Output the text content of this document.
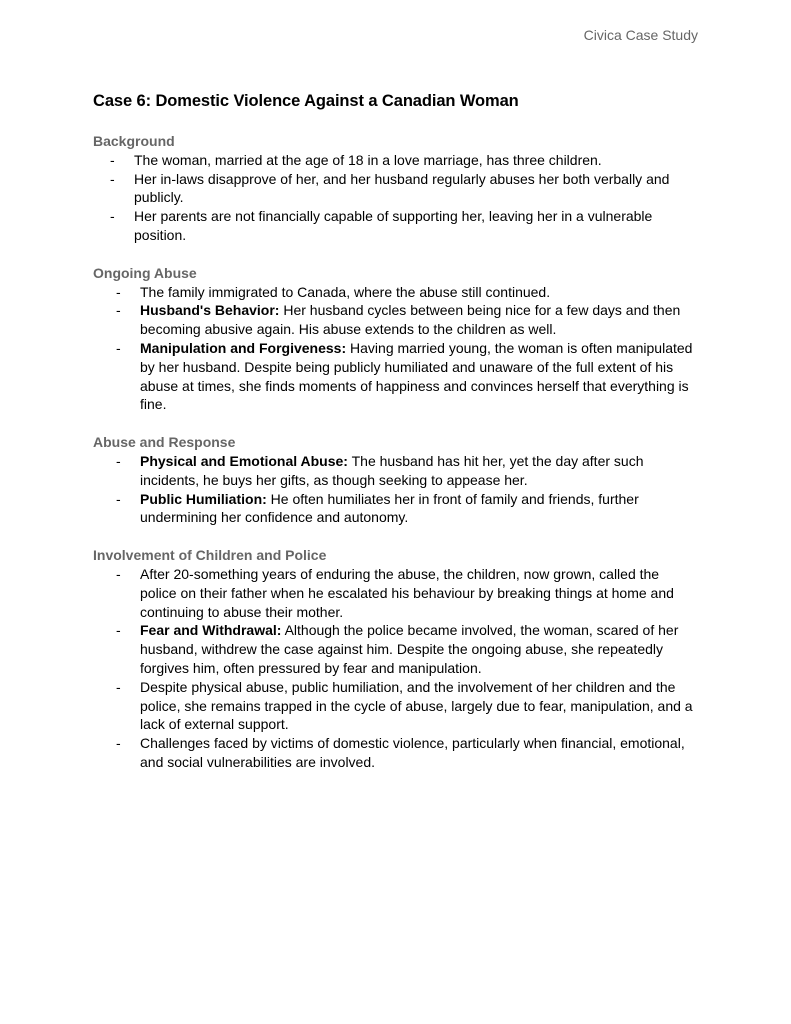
Civica Case Study
Case 6: Domestic Violence Against a Canadian Woman
Background
- The woman, married at the age of 18 in a love marriage, has three children.
- Her in-laws disapprove of her, and her husband regularly abuses her both verbally and publicly.
- Her parents are not financially capable of supporting her, leaving her in a vulnerable position.
Ongoing Abuse
- The family immigrated to Canada, where the abuse still continued.
- Husband's Behavior: Her husband cycles between being nice for a few days and then becoming abusive again. His abuse extends to the children as well.
- Manipulation and Forgiveness: Having married young, the woman is often manipulated by her husband. Despite being publicly humiliated and unaware of the full extent of his abuse at times, she finds moments of happiness and convinces herself that everything is fine.
Abuse and Response
- Physical and Emotional Abuse: The husband has hit her, yet the day after such incidents, he buys her gifts, as though seeking to appease her.
- Public Humiliation: He often humiliates her in front of family and friends, further undermining her confidence and autonomy.
Involvement of Children and Police
- After 20-something years of enduring the abuse, the children, now grown, called the police on their father when he escalated his behaviour by breaking things at home and continuing to abuse their mother.
- Fear and Withdrawal: Although the police became involved, the woman, scared of her husband, withdrew the case against him. Despite the ongoing abuse, she repeatedly forgives him, often pressured by fear and manipulation.
- Despite physical abuse, public humiliation, and the involvement of her children and the police, she remains trapped in the cycle of abuse, largely due to fear, manipulation, and a lack of external support.
- Challenges faced by victims of domestic violence, particularly when financial, emotional, and social vulnerabilities are involved.
